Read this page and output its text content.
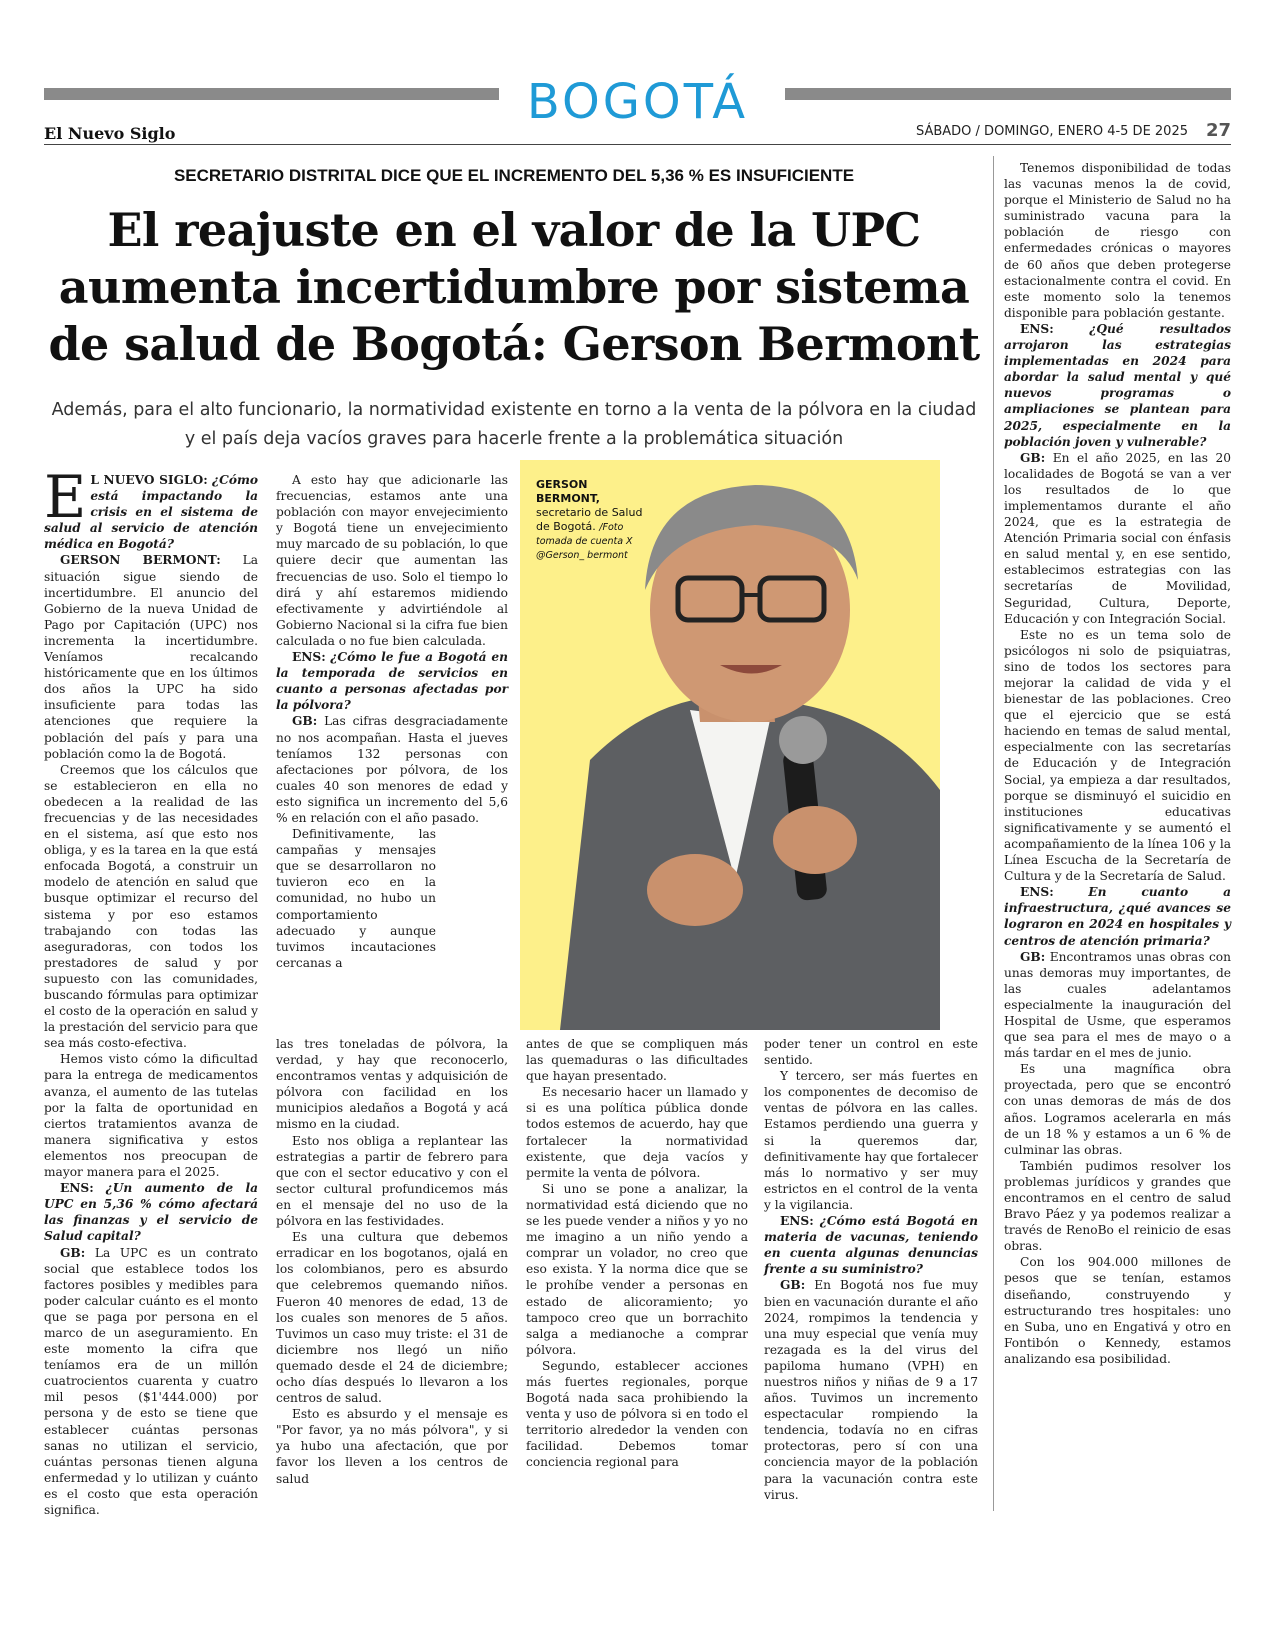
BOGOTÁ
El Nuevo Siglo	SÁBADO / DOMINGO, ENERO 4-5 DE 2025 27
SECRETARIO DISTRITAL DICE QUE EL INCREMENTO DEL 5,36 % ES INSUFICIENTE
El reajuste en el valor de la UPC aumenta incertidumbre por sistema de salud de Bogotá: Gerson Bermont
Además, para el alto funcionario, la normatividad existente en torno a la venta de la pólvora en la ciudad y el país deja vacíos graves para hacerle frente a la problemática situación

E L NUEVO SIGLO: ¿Cómo está impactando la crisis en el sistema de salud al servicio de atención médica en Bogotá?

GERSON BERMONT: La situación sigue siendo de incertidumbre. El anuncio del Gobierno de la nueva Unidad de Pago por Capitación (UPC) nos incrementa la incertidumbre. Veníamos recalcando históricamente que en los últimos dos años la UPC ha sido insuficiente para todas las atenciones que requiere la población del país y para una población como la de Bogotá.

Creemos que los cálculos que se establecieron en ella no obedecen a la realidad de las frecuencias y de las necesidades en el sistema, así que esto nos obliga, y es la tarea en la que está enfocada Bogotá, a construir un modelo de atención en salud que busque optimizar el recurso del sistema y por eso estamos trabajando con todas las aseguradoras, con todos los prestadores de salud y por supuesto con las comunidades, buscando fórmulas para optimizar el costo de la operación en salud y la prestación del servicio para que sea más costo-efectiva.

Hemos visto cómo la dificultad para la entrega de medicamentos avanza, el aumento de las tutelas por la falta de oportunidad en ciertos tratamientos avanza de manera significativa y estos elementos nos preocupan de mayor manera para el 2025.

ENS: ¿Un aumento de la UPC en 5,36 % cómo afectará las finanzas y el servicio de Salud capital?

GB: La UPC es un contrato social que establece todos los factores posibles y medibles para poder calcular cuánto es el monto que se paga por persona en el marco de un aseguramiento. En este momento la cifra que teníamos era de un millón cuatrocientos cuarenta y cuatro mil pesos ($1'444.000) por persona y de esto se tiene que establecer cuántas personas sanas no utilizan el servicio, cuántas personas tienen alguna enfermedad y lo utilizan y cuánto es el costo que esta operación significa.

A esto hay que adicionarle las frecuencias, estamos ante una población con mayor envejecimiento y Bogotá tiene un envejecimiento muy marcado de su población, lo que quiere decir que aumentan las frecuencias de uso. Solo el tiempo lo dirá y ahí estaremos midiendo efectivamente y advirtiéndole al Gobierno Nacional si la cifra fue bien calculada o no fue bien calculada.

ENS: ¿Cómo le fue a Bogotá en la temporada de servicios en cuanto a personas afectadas por la pólvora?

GB: Las cifras desgraciadamente no nos acompañan. Hasta el jueves teníamos 132 personas con afectaciones por pólvora, de los cuales 40 son menores de edad y esto significa un incremento del 5,6 % en relación con el año pasado.

Definitivamente, las campañas y mensajes que se desarrollaron no tuvieron eco en la comunidad, no hubo un comportamiento adecuado y aunque tuvimos incautaciones cercanas a

las tres toneladas de pólvora, la verdad, y hay que reconocerlo, encontramos ventas y adquisición de pólvora con facilidad en los municipios aledaños a Bogotá y acá mismo en la ciudad.

Esto nos obliga a replantear las estrategias a partir de febrero para que con el sector educativo y con el sector cultural profundicemos más en el mensaje del no uso de la pólvora en las festividades.

Es una cultura que debemos erradicar en los bogotanos, ojalá en los colombianos, pero es absurdo que celebremos quemando niños. Fueron 40 menores de edad, 13 de los cuales son menores de 5 años. Tuvimos un caso muy triste: el 31 de diciembre nos llegó un niño quemado desde el 24 de diciembre; ocho días después lo llevaron a los centros de salud.

Esto es absurdo y el mensaje es "Por favor, ya no más pólvora", y si ya hubo una afectación, que por favor los lleven a los centros de salud

GERSON BERMONT,
secretario de Salud de Bogotá. /Foto tomada de cuenta X @Gerson_ bermont

antes de que se compliquen más las quemaduras o las dificultades que hayan presentado.

Es necesario hacer un llamado y si es una política pública donde todos estemos de acuerdo, hay que fortalecer la normatividad existente, que deja vacíos y permite la venta de pólvora.

Si uno se pone a analizar, la normatividad está diciendo que no se les puede vender a niños y yo no me imagino a un niño yendo a comprar un volador, no creo que eso exista. Y la norma dice que se le prohíbe vender a personas en estado de alicoramiento; yo tampoco creo que un borrachito salga a medianoche a comprar pólvora.

Segundo, establecer acciones más fuertes regionales, porque Bogotá nada saca prohibiendo la venta y uso de pólvora si en todo el territorio alrededor la venden con facilidad. Debemos tomar conciencia regional para

poder tener un control en este sentido.

Y tercero, ser más fuertes en los componentes de decomiso de ventas de pólvora en las calles. Estamos perdiendo una guerra y si la queremos dar, definitivamente hay que fortalecer más lo normativo y ser muy estrictos en el control de la venta y la vigilancia.

ENS: ¿Cómo está Bogotá en materia de vacunas, teniendo en cuenta algunas denuncias frente a su suministro?

GB: En Bogotá nos fue muy bien en vacunación durante el año 2024, rompimos la tendencia y una muy especial que venía muy rezagada es la del virus del papiloma humano (VPH) en nuestros niños y niñas de 9 a 17 años. Tuvimos un incremento espectacular rompiendo la tendencia, todavía no en cifras protectoras, pero sí con una conciencia mayor de la población para la vacunación contra este virus.

Tenemos disponibilidad de todas las vacunas menos la de covid, porque el Ministerio de Salud no ha suministrado vacuna para la población de riesgo con enfermedades crónicas o mayores de 60 años que deben protegerse estacionalmente contra el covid. En este momento solo la tenemos disponible para población gestante.

ENS:	¿Qué resultados arrojaron las estrategias implementadas en 2024 para abordar la salud mental y qué nuevos programas o ampliaciones se plantean para 2025, especialmente en la población joven y vulnerable?

GB: En el año 2025, en las 20 localidades de Bogotá se van a ver los resultados de lo que implementamos durante el año 2024, que es la estrategia de Atención Primaria social con énfasis en salud mental y, en ese sentido, establecimos estrategias con las secretarías de Movilidad, Seguridad, Cultura, Deporte, Educación y con Integración Social.

Este no es un tema solo de psicólogos ni solo de psiquiatras, sino de todos los sectores para mejorar la calidad de vida y el bienestar de las poblaciones. Creo que el ejercicio que se está haciendo en temas de salud mental, especialmente con las secretarías de Educación y de Integración Social, ya empieza a dar resultados, porque se disminuyó el suicidio en instituciones educativas significativamente y se aumentó el acompañamiento de la línea 106 y la Línea Escucha de la Secretaría de Cultura y de la Secretaría de Salud.

ENS:	En cuanto a infraestructura, ¿qué avances se lograron en 2024 en hospitales y centros de atención primaria?

GB: Encontramos unas obras con unas demoras muy importantes, de las cuales adelantamos especialmente la inauguración del Hospital de Usme, que esperamos que sea para el mes de mayo o a más tardar en el mes de junio.

Es una magnífica obra proyectada, pero que se encontró con unas demoras de más de dos años. Logramos acelerarla en más de un 18 % y estamos a un 6 % de culminar las obras.

También pudimos resolver los problemas jurídicos y grandes que encontramos en el centro de salud Bravo Páez y ya podemos realizar a través de RenoBo el reinicio de esas obras.

Con los 904.000 millones de pesos que se tenían, estamos diseñando, construyendo y estructurando tres hospitales: uno en Suba, uno en Engativá y otro en Fontibón o Kennedy, estamos analizando esa posibilidad.
